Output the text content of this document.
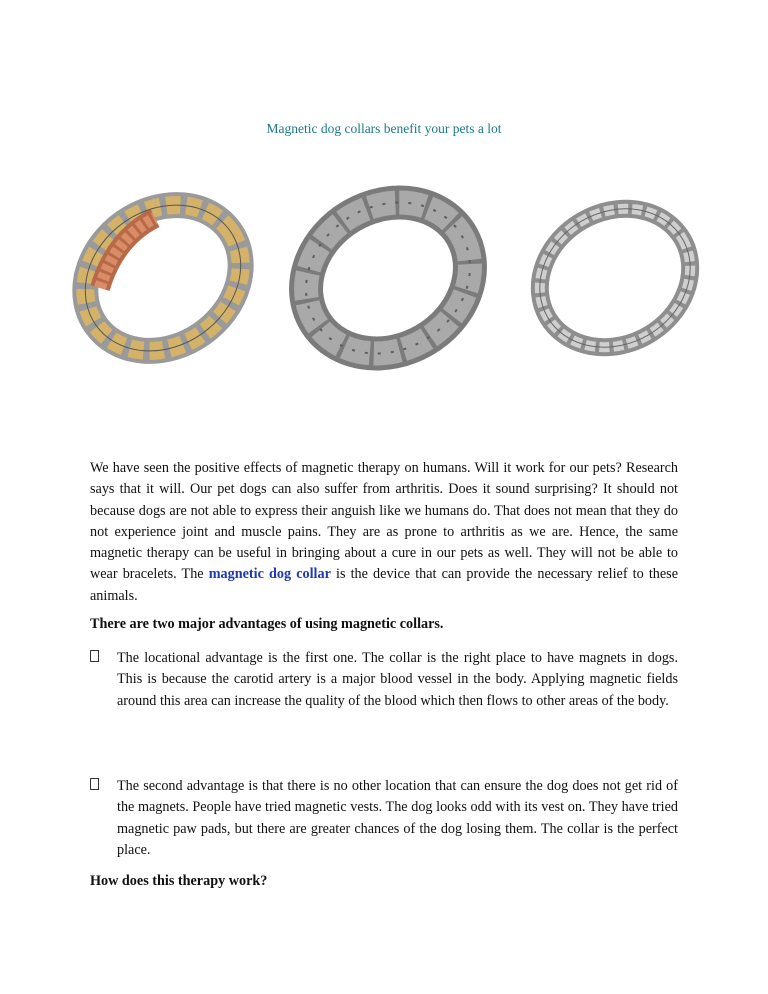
Magnetic dog collars benefit your pets a lot
We have seen the positive effects of magnetic therapy on humans. Will it work for our pets? Research says that it will. Our pet dogs can also suffer from arthritis. Does it sound surprising? It should not because dogs are not able to express their anguish like we humans do. That does not mean that they do not experience joint and muscle pains. They are as prone to arthritis as we are. Hence, the same magnetic therapy can be useful in bringing about a cure in our pets as well. They will not be able to wear bracelets. The magnetic dog collar is the device that can provide the necessary relief to these animals.
There are two major advantages of using magnetic collars.
The locational advantage is the first one. The collar is the right place to have magnets in dogs. This is because the carotid artery is a major blood vessel in the body. Applying magnetic fields around this area can increase the quality of the blood which then flows to other areas of the body.
The second advantage is that there is no other location that can ensure the dog does not get rid of the magnets. People have tried magnetic vests. The dog looks odd with its vest on. They have tried magnetic paw pads, but there are greater chances of the dog losing them. The collar is the perfect place.
How does this therapy work?
